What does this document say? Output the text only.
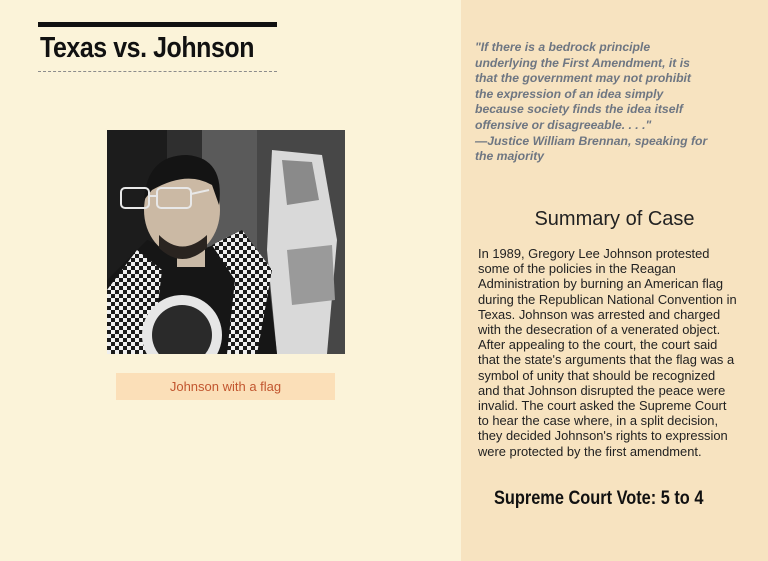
Texas vs. Johnson
Johnson with a flag
"If there is a bedrock principle
underlying the First Amendment, it is
that the government may not prohibit
the expression of an idea simply
because society finds the idea itself
offensive or disagreeable. . . ."
—Justice William Brennan, speaking for
the majority
Summary of Case
In 1989, Gregory Lee Johnson protested
some of the policies in the Reagan
Administration by burning an American flag
during the Republican National Convention in
Texas. Johnson was arrested and charged
with the desecration of a venerated object.
After appealing to the court, the court said
that the state's arguments that the flag was a
symbol of unity that should be recognized
and that Johnson disrupted the peace were
invalid. The court asked the Supreme Court
to hear the case where, in a split decision,
they decided Johnson's rights to expression
were protected by the first amendment.
Supreme Court Vote: 5 to 4
